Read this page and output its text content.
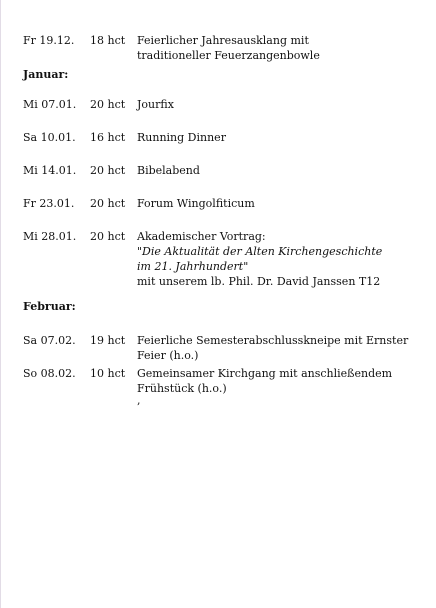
Fr 19.12. 18 hct Feierlicher Jahresausklang mit
traditioneller Feuerzangenbowle
Januar:
Mi 07.01. 20 hct Jourfix
Sa 10.01. 16 hct Running Dinner
Mi 14.01. 20 hct Bibelabend
Fr 23.01. 20 hct Forum Wingolfiticum
Mi 28.01. 20 hct Akademischer Vortrag:
"Die Aktualität der Alten Kirchengeschichte
im 21. Jahrhundert"
mit unserem lb. Phil. Dr. David Janssen T12
Februar:
Sa 07.02. 19 hct Feierliche Semesterabschlusskneipe mit Ernster
Feier (h.o.)
So 08.02. 10 hct Gemeinsamer Kirchgang mit anschließendem
Frühstück (h.o.)
,
